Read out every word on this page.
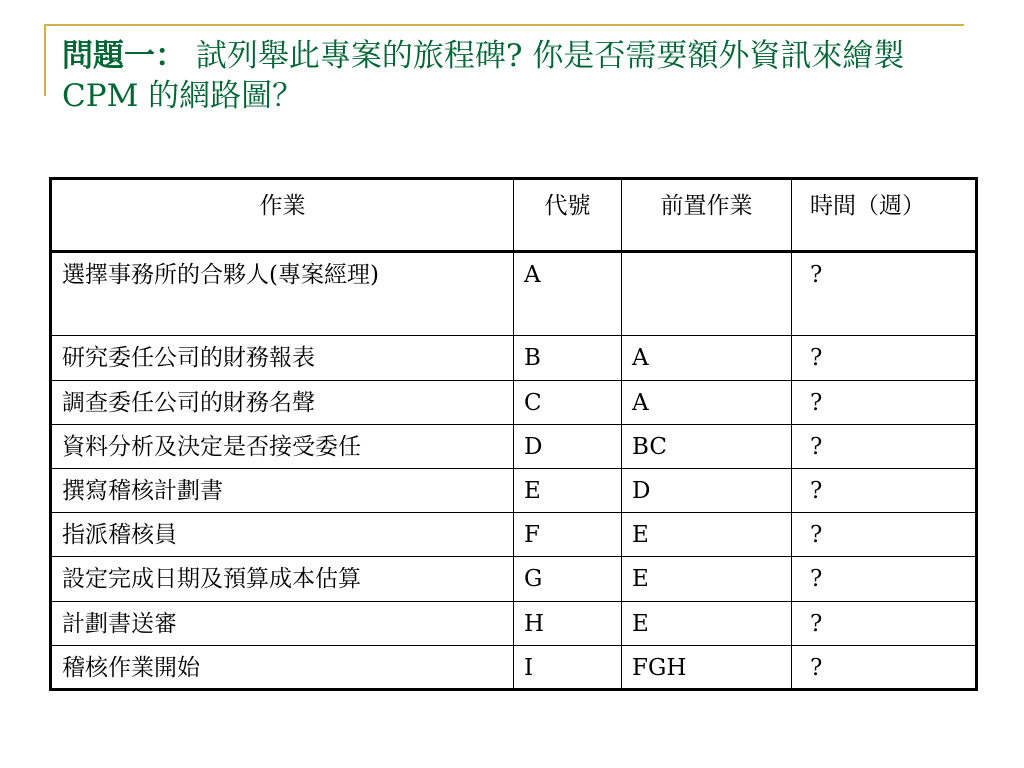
問題一： 試列舉此專案的旅程碑? 你是否需要額外資訊來繪製 CPM 的網路圖？
作業	代號	前置作業	時間（週）
選擇事務所的合夥人(專案經理)	A		?
研究委任公司的財務報表	B	A	?
調查委任公司的財務名聲	C	A	?
資料分析及決定是否接受委任	D	BC	?
撰寫稽核計劃書	E	D	?
指派稽核員	F	E	?
設定完成日期及預算成本估算	G	E	?
計劃書送審	H	E	?
稽核作業開始	I	FGH	?
